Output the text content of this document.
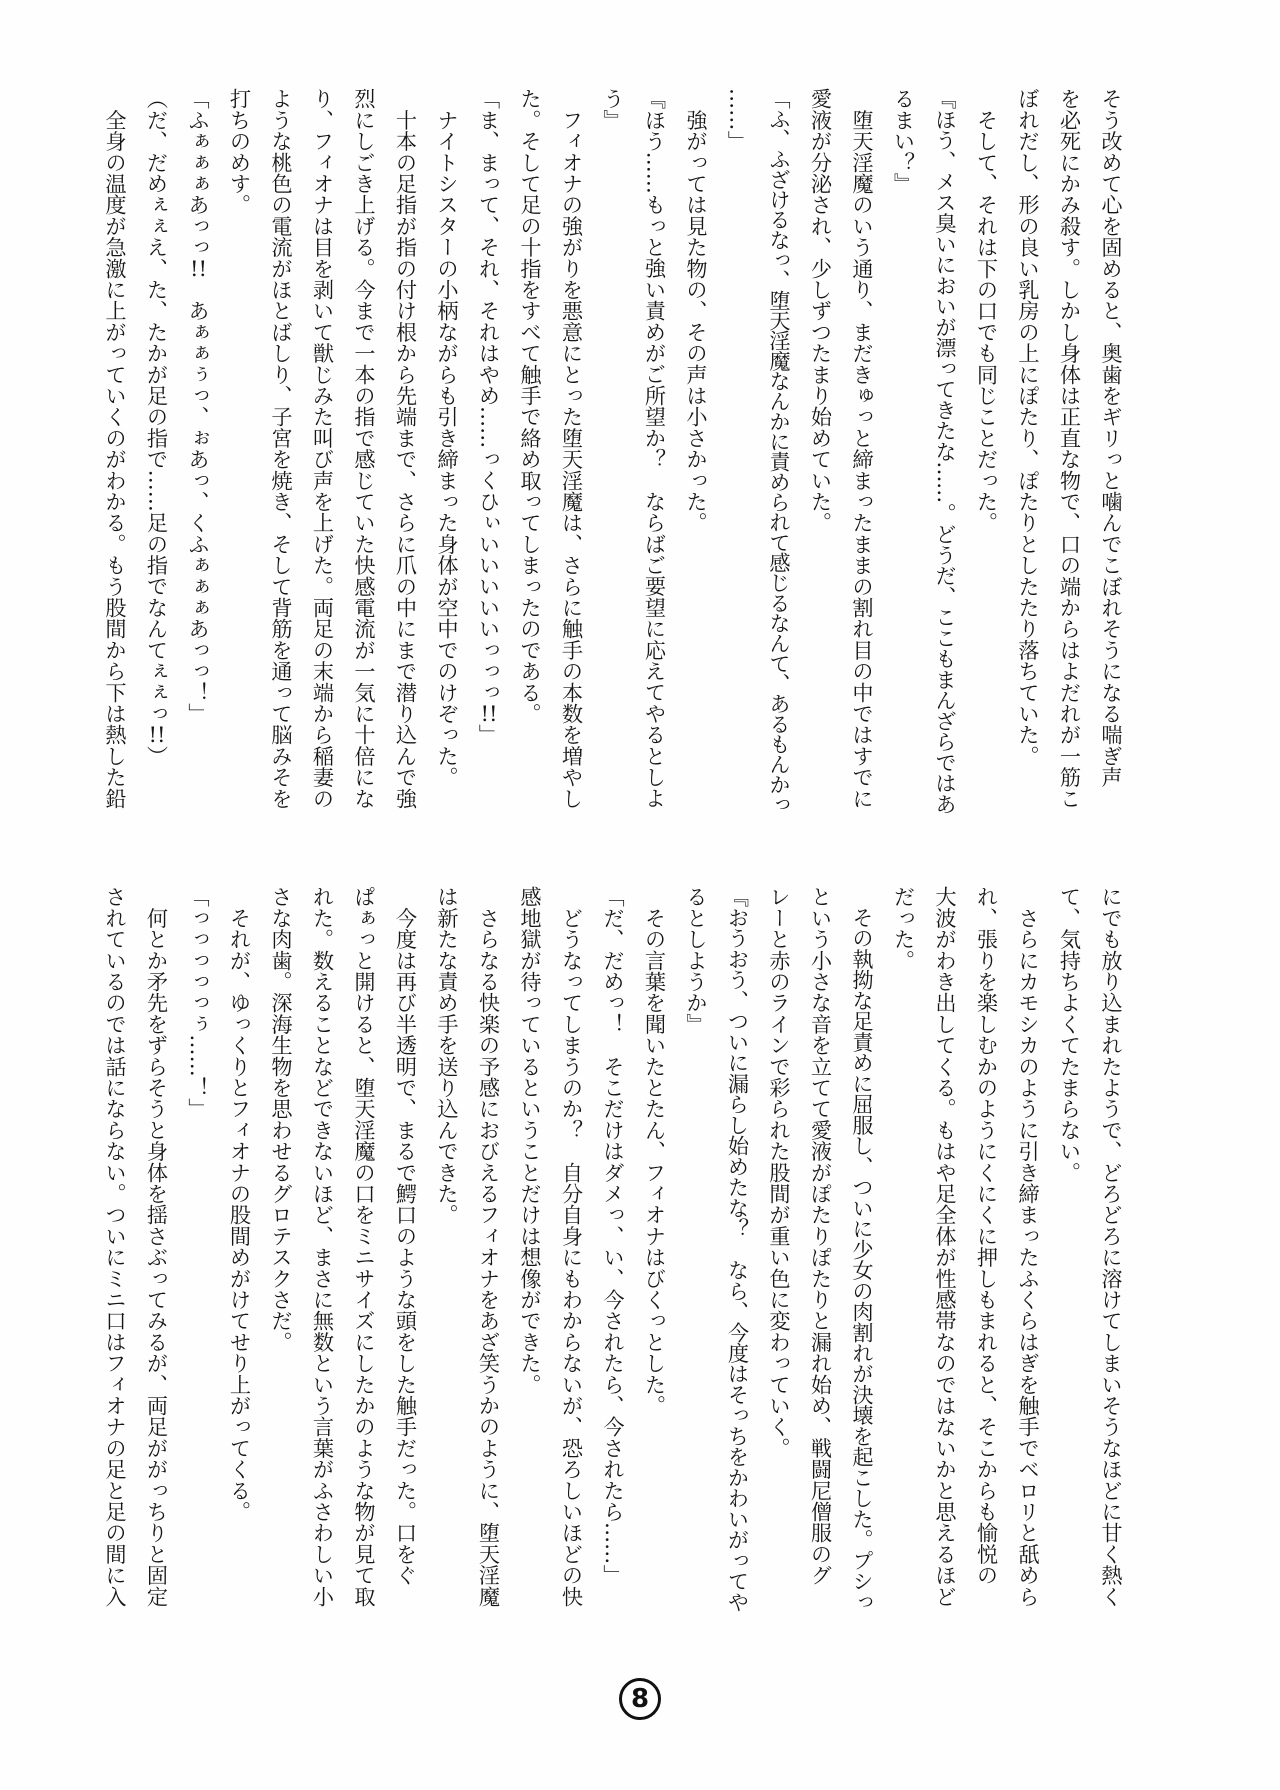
そう改めて心を固めると、奥歯をギリっと噛んでこぼれそうになる喘ぎ声
を必死にかみ殺す。しかし身体は正直な物で、口の端からはよだれが一筋こ
ぼれだし、形の良い乳房の上にぽたり、ぽたりとしたたり落ちていた。
　そして、それは下の口でも同じことだった。
『ほう、メス臭いにおいが漂ってきたな……。どうだ、ここもまんざらではあ
るまい？』
　堕天淫魔のいう通り、まだきゅっと締まったままの割れ目の中ではすでに
愛液が分泌され、少しずつたまり始めていた。
「ふ、ふざけるなっ、堕天淫魔なんかに責められて感じるなんて、あるもんかっ
……」
　強がっては見た物の、その声は小さかった。
『ほう……もっと強い責めがご所望か？　ならばご要望に応えてやるとしよ
う』
　フィオナの強がりを悪意にとった堕天淫魔は、さらに触手の本数を増やし
た。そして足の十指をすべて触手で絡め取ってしまったのである。
「ま、まって、それ、それはやめ……っくひぃいいいいいっっっ!!」
　ナイトシスターの小柄ながらも引き締まった身体が空中でのけぞった。
　十本の足指が指の付け根から先端まで、さらに爪の中にまで潜り込んで強
烈にしごき上げる。今まで一本の指で感じていた快感電流が一気に十倍にな
り、フィオナは目を剥いて獣じみた叫び声を上げた。両足の末端から稲妻の
ような桃色の電流がほとばしり、子宮を焼き、そして背筋を通って脳みそを
打ちのめす。
「ふぁぁぁあっっ!!　あぁぁぅっ、ぉあっ、くふぁぁぁあっっ！」
（だ、だめぇぇえ、た、たかが足の指で……足の指でなんてぇぇっ!!）
　全身の温度が急激に上がっていくのがわかる。もう股間から下は熱した鉛
にでも放り込まれたようで、どろどろに溶けてしまいそうなほどに甘く熱く
て、気持ちよくてたまらない。
　さらにカモシカのように引き締まったふくらはぎを触手でベロリと舐めら
れ、張りを楽しむかのようにくにくに押しもまれると、そこからも愉悦の
大波がわき出してくる。もはや足全体が性感帯なのではないかと思えるほど
だった。
　その執拗な足責めに屈服し、ついに少女の肉割れが決壊を起こした。プシっ
という小さな音を立てて愛液がぽたりぽたりと漏れ始め、戦闘尼僧服のグ
レーと赤のラインで彩られた股間が重い色に変わっていく。
『おうおう、ついに漏らし始めたな？　なら、今度はそっちをかわいがってや
るとしようか』
　その言葉を聞いたとたん、フィオナはびくっとした。
「だ、だめっ！　そこだけはダメっ、い、今されたら、今されたら……」
　どうなってしまうのか？　自分自身にもわからないが、恐ろしいほどの快
感地獄が待っているということだけは想像ができた。
　さらなる快楽の予感におびえるフィオナをあざ笑うかのように、堕天淫魔
は新たな責め手を送り込んできた。
　今度は再び半透明で、まるで鰐口のような頭をした触手だった。口をぐ
ぱぁっと開けると、堕天淫魔の口をミニサイズにしたかのような物が見て取
れた。数えることなどできないほど、まさに無数という言葉がふさわしい小
さな肉歯。深海生物を思わせるグロテスクさだ。
　それが、ゆっくりとフィオナの股間めがけてせり上がってくる。
「っっっっっぅ……！」
　何とか矛先をずらそうと身体を揺さぶってみるが、両足ががっちりと固定
されているのでは話にならない。ついにミニ口はフィオナの足と足の間に入
8
